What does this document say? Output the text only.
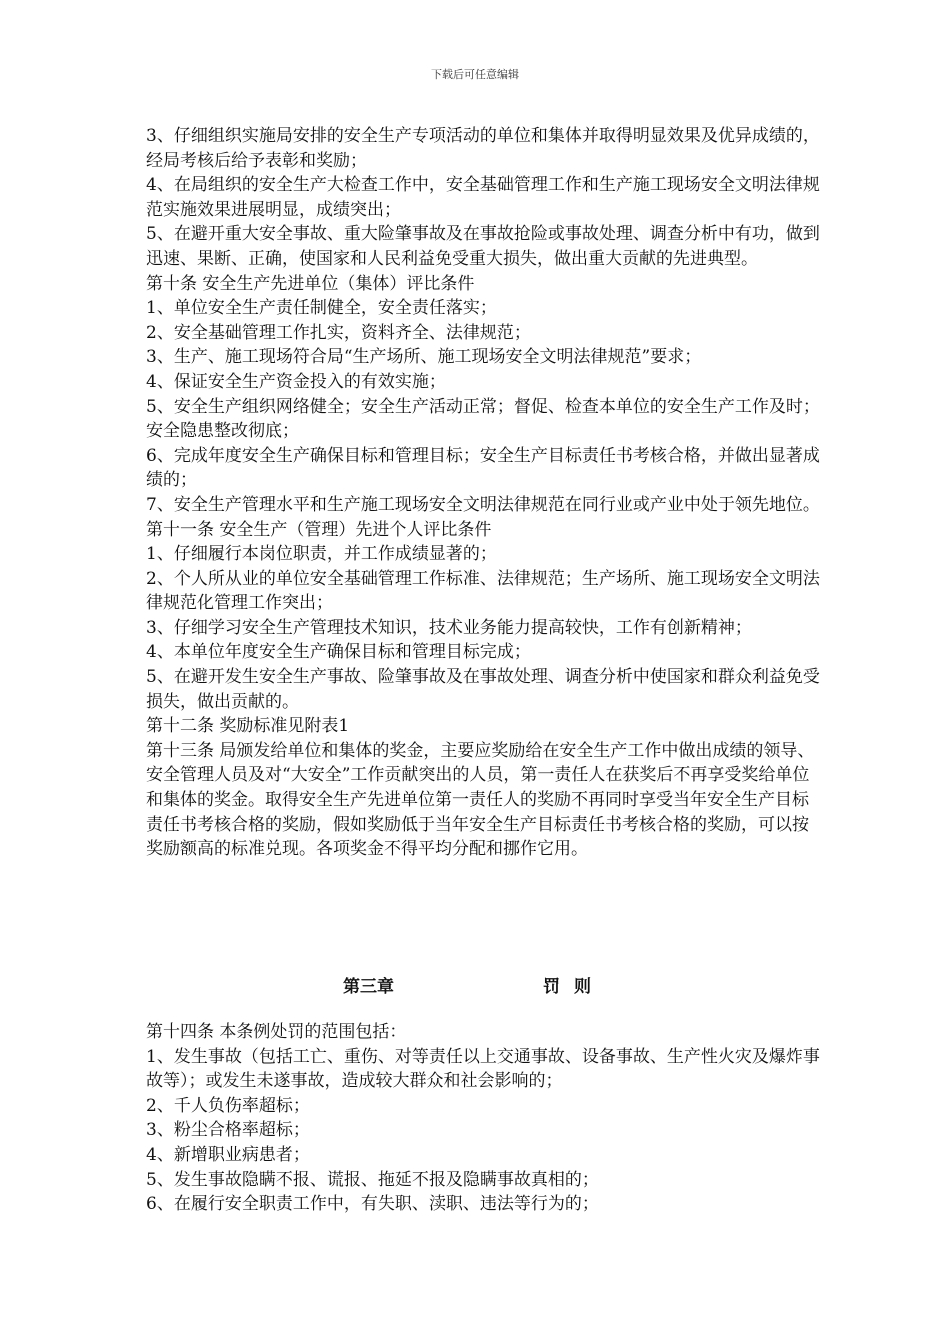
下载后可任意编辑

3、仔细组织实施局安排的安全生产专项活动的单位和集体并取得明显效果及优异成绩的，经局考核后给予表彰和奖励；

4、在局组织的安全生产大检查工作中，安全基础管理工作和生产施工现场安全文明法律规范实施效果进展明显，成绩突出；

5、在避开重大安全事故、重大险肇事故及在事故抢险或事故处理、调查分析中有功，做到迅速、果断、正确，使国家和人民利益免受重大损失，做出重大贡献的先进典型。

第十条 安全生产先进单位（集体）评比条件

1、单位安全生产责任制健全，安全责任落实；

2、安全基础管理工作扎实，资料齐全、法律规范；

3、生产、施工现场符合局“生产场所、施工现场安全文明法律规范”要求；

4、保证安全生产资金投入的有效实施；

5、安全生产组织网络健全；安全生产活动正常；督促、检查本单位的安全生产工作及时；安全隐患整改彻底；

6、完成年度安全生产确保目标和管理目标；安全生产目标责任书考核合格，并做出显著成绩的；

7、安全生产管理水平和生产施工现场安全文明法律规范在同行业或产业中处于领先地位。

第十一条 安全生产（管理）先进个人评比条件

1、仔细履行本岗位职责，并工作成绩显著的；

2、个人所从业的单位安全基础管理工作标准、法律规范；生产场所、施工现场安全文明法律规范化管理工作突出；

3、仔细学习安全生产管理技术知识，技术业务能力提高较快，工作有创新精神；

4、本单位年度安全生产确保目标和管理目标完成；

5、在避开发生安全生产事故、险肇事故及在事故处理、调查分析中使国家和群众利益免受损失，做出贡献的。

第十二条 奖励标准见附表1

第十三条 局颁发给单位和集体的奖金，主要应奖励给在安全生产工作中做出成绩的领导、安全管理人员及对“大安全”工作贡献突出的人员，第一责任人在获奖后不再享受奖给单位和集体的奖金。取得安全生产先进单位第一责任人的奖励不再同时享受当年安全生产目标责任书考核合格的奖励，假如奖励低于当年安全生产目标责任书考核合格的奖励，可以按奖励额高的标准兑现。各项奖金不得平均分配和挪作它用。

第三章	罚则

第十四条 本条例处罚的范围包括：

1、发生事故（包括工亡、重伤、对等责任以上交通事故、设备事故、生产性火灾及爆炸事故等）；或发生未遂事故，造成较大群众和社会影响的；

2、千人负伤率超标；

3、粉尘合格率超标；

4、新增职业病患者；

5、发生事故隐瞒不报、谎报、拖延不报及隐瞒事故真相的；

6、在履行安全职责工作中，有失职、渎职、违法等行为的；
